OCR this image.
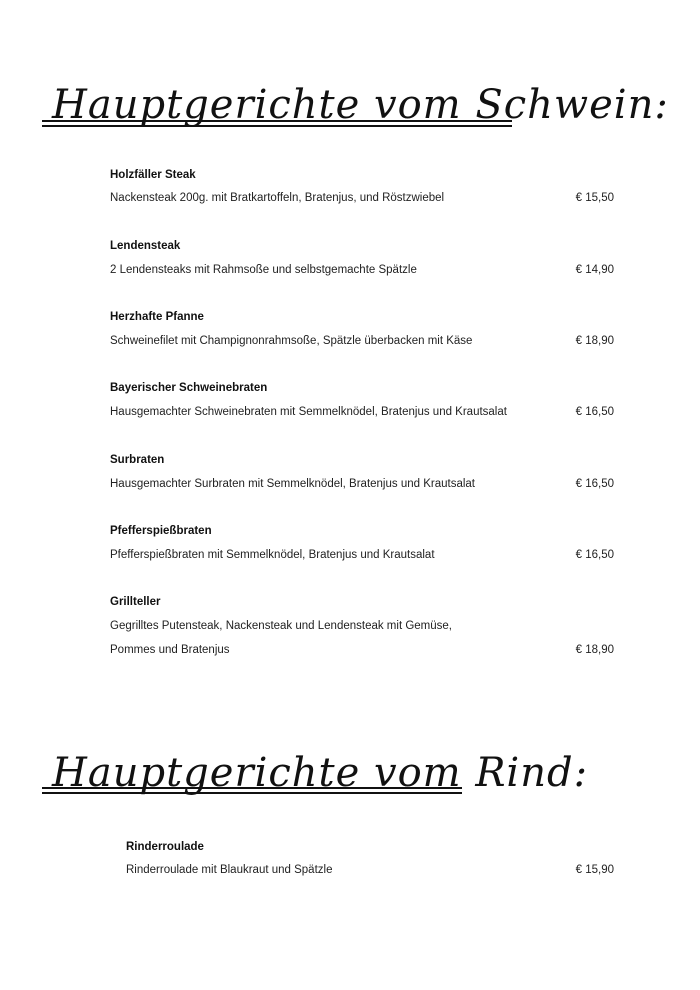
Hauptgerichte vom Schwein:
Holzfäller Steak
Nackensteak 200g. mit Bratkartoffeln, Bratenjus, und Röstzwiebel	€ 15,50
Lendensteak
2 Lendensteaks mit Rahmsoße und selbstgemachte Spätzle	€ 14,90
Herzhafte Pfanne
Schweinefilet mit Champignonrahmsoße, Spätzle überbacken mit Käse	€ 18,90
Bayerischer Schweinebraten
Hausgemachter Schweinebraten mit Semmelknödel, Bratenjus und Krautsalat	€ 16,50
Surbraten
Hausgemachter Surbraten mit Semmelknödel, Bratenjus und Krautsalat	€ 16,50
Pfefferspießbraten
Pfefferspießbraten mit Semmelknödel, Bratenjus und Krautsalat	€ 16,50
Grillteller
Gegrilltes Putensteak, Nackensteak und Lendensteak mit Gemüse,
Pommes und Bratenjus	€ 18,90
Hauptgerichte vom Rind:
Rinderroulade
Rinderroulade mit Blaukraut und Spätzle	€ 15,90
